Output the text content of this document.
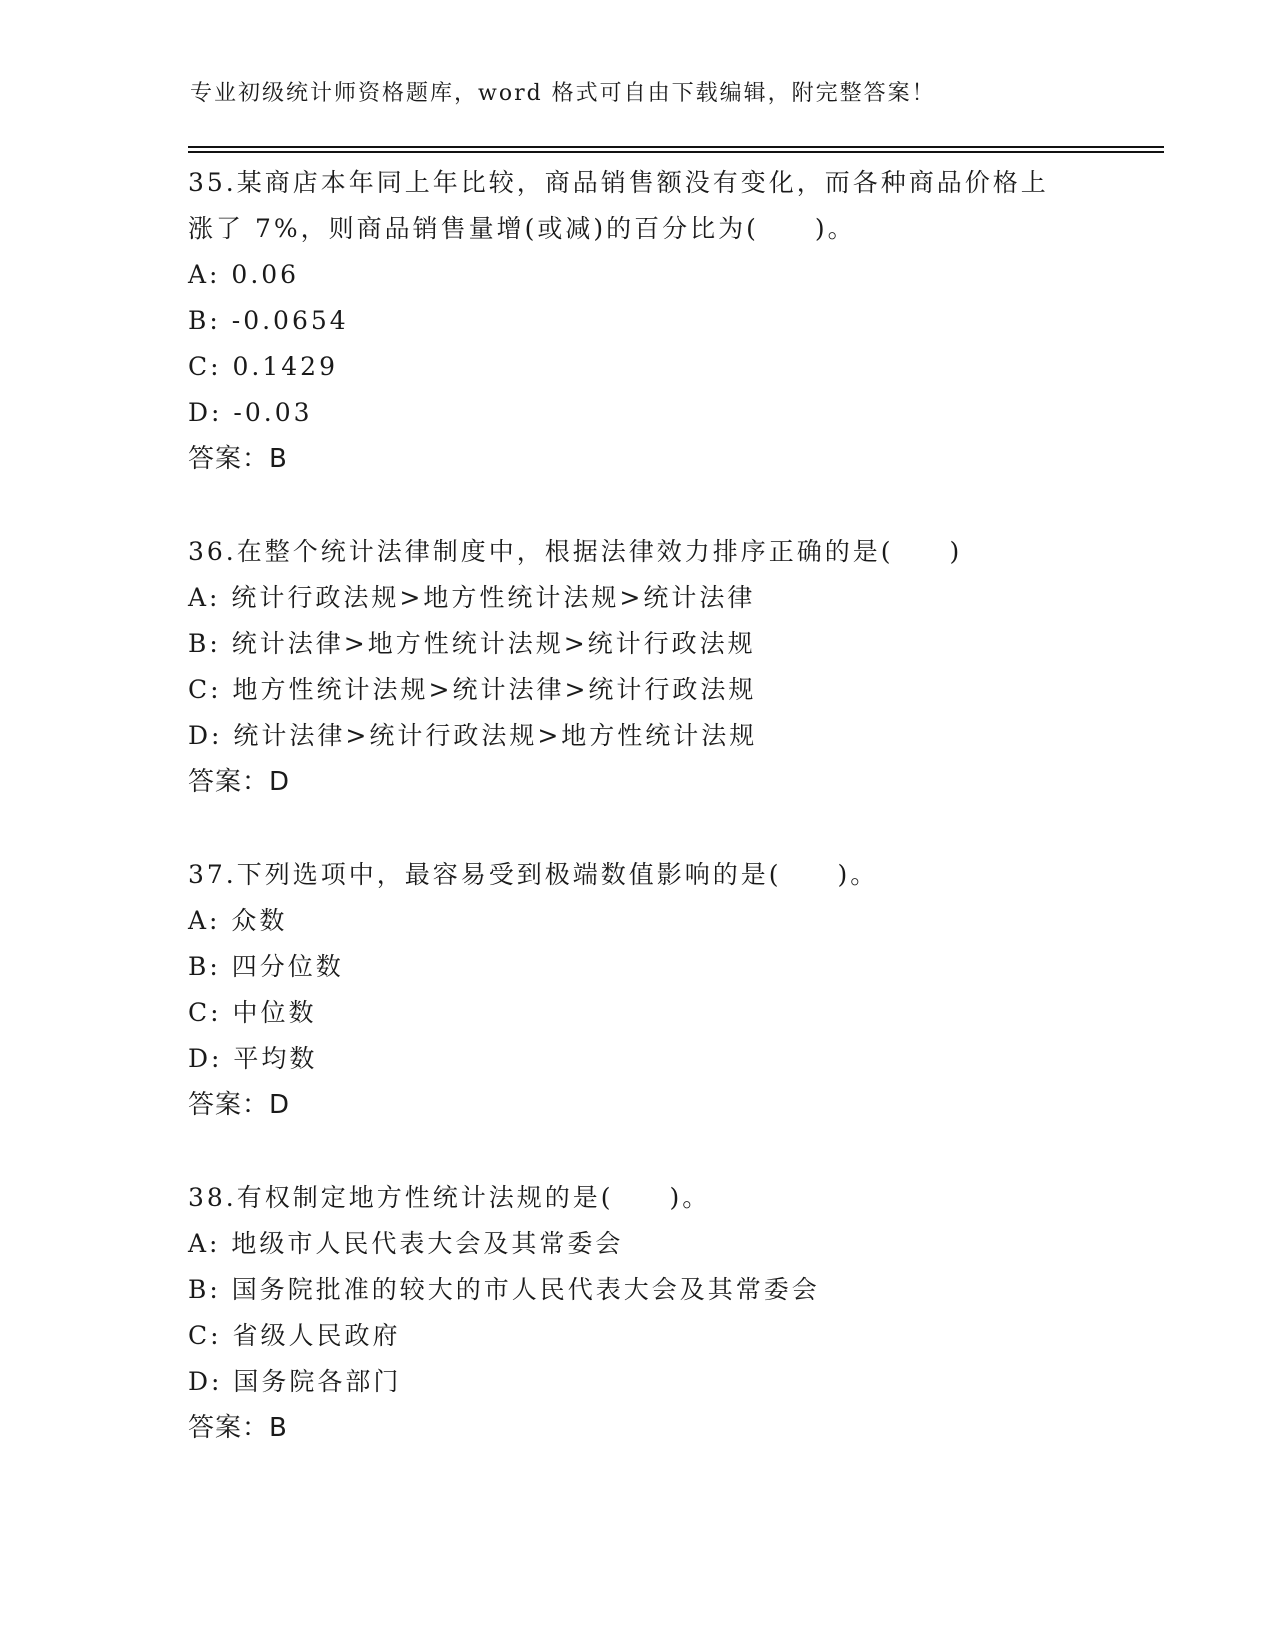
专业初级统计师资格题库，word 格式可自由下载编辑，附完整答案！
35.某商店本年同上年比较，商品销售额没有变化，而各种商品价格上
涨了 7%，则商品销售量增(或减)的百分比为(　　)。
A: 0.06
B: -0.0654
C: 0.1429
D: -0.03
答案：B
36.在整个统计法律制度中，根据法律效力排序正确的是(　　)
A: 统计行政法规>地方性统计法规>统计法律
B: 统计法律>地方性统计法规>统计行政法规
C: 地方性统计法规>统计法律>统计行政法规
D: 统计法律>统计行政法规>地方性统计法规
答案：D
37.下列选项中，最容易受到极端数值影响的是(　　)。
A: 众数
B: 四分位数
C: 中位数
D: 平均数
答案：D
38.有权制定地方性统计法规的是(　　)。
A: 地级市人民代表大会及其常委会
B: 国务院批准的较大的市人民代表大会及其常委会
C: 省级人民政府
D: 国务院各部门
答案：B
